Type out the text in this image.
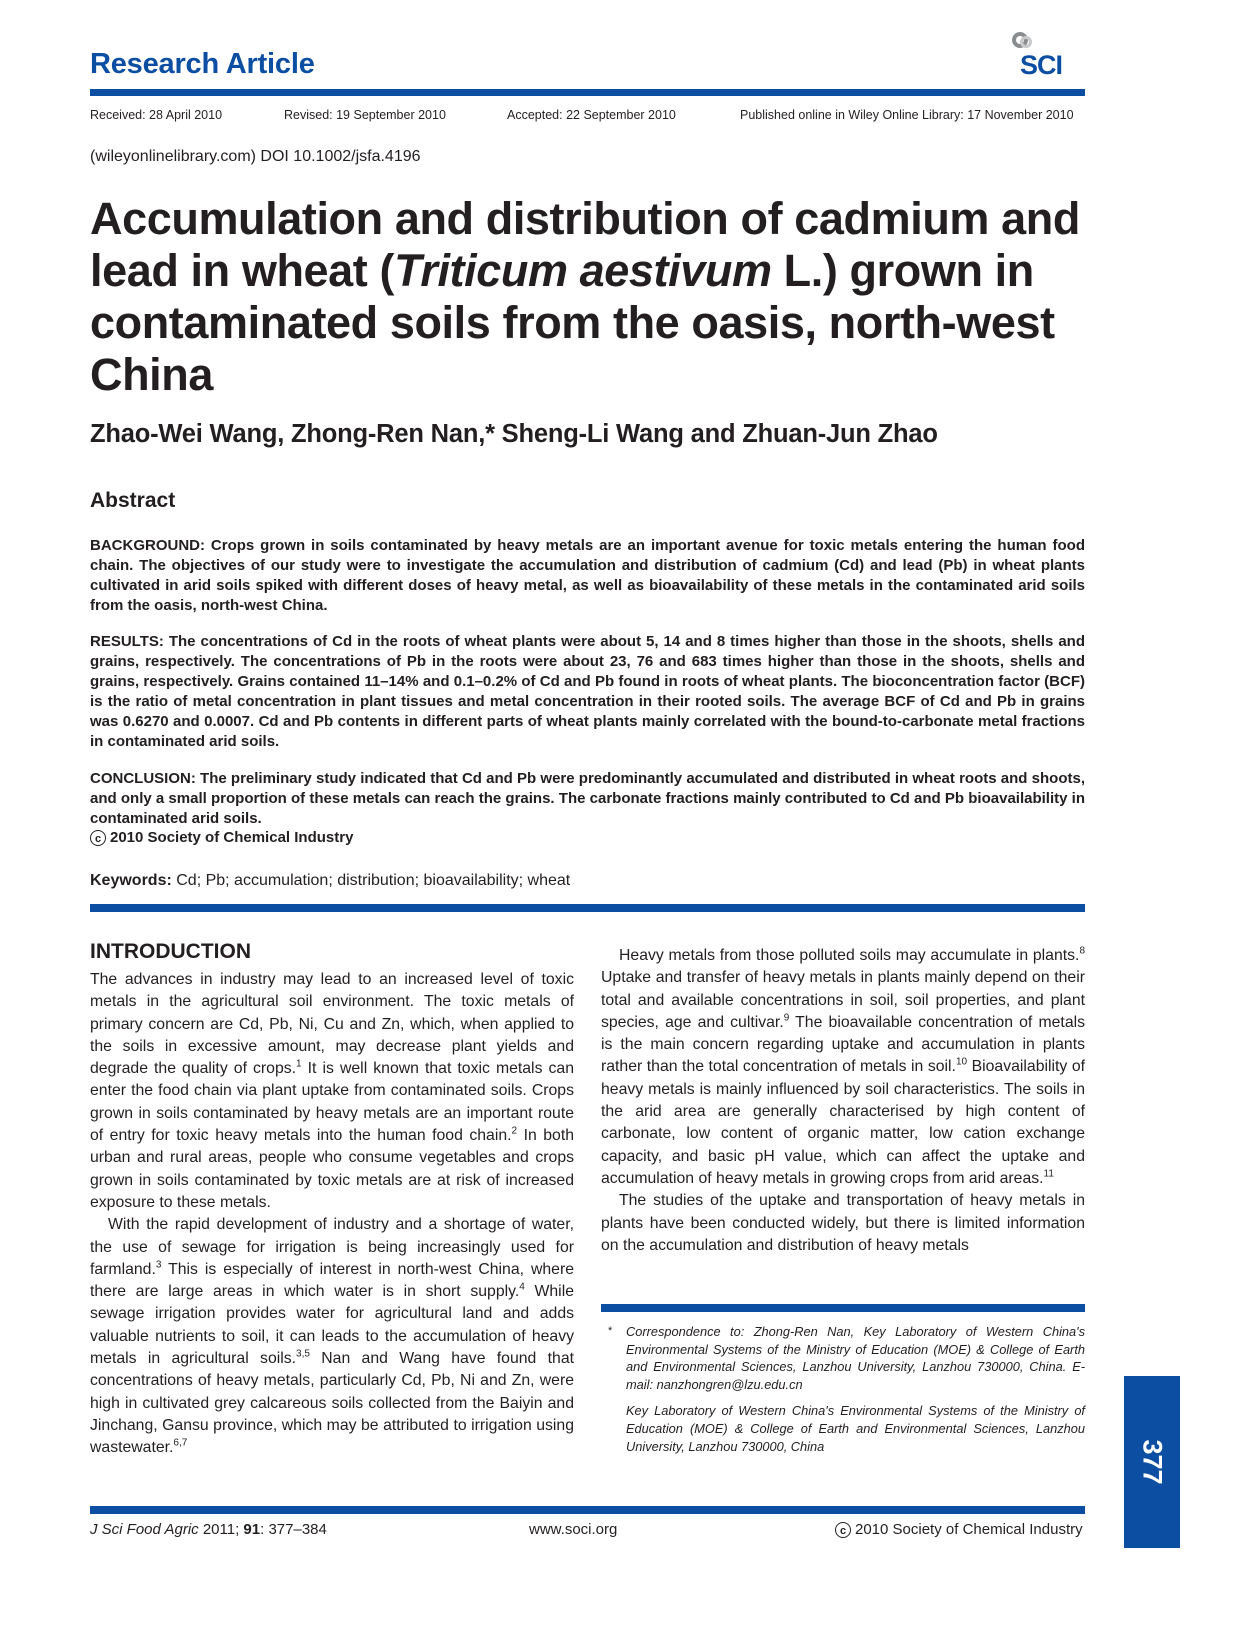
Research Article	SCI
Received: 28 April 2010	Revised: 19 September 2010	Accepted: 22 September 2010	Published online in Wiley Online Library: 17 November 2010
(wileyonlinelibrary.com) DOI 10.1002/jsfa.4196
Accumulation and distribution of cadmium and lead in wheat (Triticum aestivum L.) grown in contaminated soils from the oasis, north-west China
Zhao-Wei Wang, Zhong-Ren Nan,* Sheng-Li Wang and Zhuan-Jun Zhao
Abstract
BACKGROUND: Crops grown in soils contaminated by heavy metals are an important avenue for toxic metals entering the human food chain. The objectives of our study were to investigate the accumulation and distribution of cadmium (Cd) and lead (Pb) in wheat plants cultivated in arid soils spiked with different doses of heavy metal, as well as bioavailability of these metals in the contaminated arid soils from the oasis, north-west China.
RESULTS: The concentrations of Cd in the roots of wheat plants were about 5, 14 and 8 times higher than those in the shoots, shells and grains, respectively. The concentrations of Pb in the roots were about 23, 76 and 683 times higher than those in the shoots, shells and grains, respectively. Grains contained 11–14% and 0.1–0.2% of Cd and Pb found in roots of wheat plants. The bioconcentration factor (BCF) is the ratio of metal concentration in plant tissues and metal concentration in their rooted soils. The average BCF of Cd and Pb in grains was 0.6270 and 0.0007. Cd and Pb contents in different parts of wheat plants mainly correlated with the bound-to-carbonate metal fractions in contaminated arid soils.
CONCLUSION: The preliminary study indicated that Cd and Pb were predominantly accumulated and distributed in wheat roots and shoots, and only a small proportion of these metals can reach the grains. The carbonate fractions mainly contributed to Cd and Pb bioavailability in contaminated arid soils.
c 2010 Society of Chemical Industry
Keywords: Cd; Pb; accumulation; distribution; bioavailability; wheat
INTRODUCTION

The advances in industry may lead to an increased level of toxic metals in the agricultural soil environment. The toxic metals of primary concern are Cd, Pb, Ni, Cu and Zn, which, when applied to the soils in excessive amount, may decrease plant yields and degrade the quality of crops.$^1$ It is well known that toxic metals can enter the food chain via plant uptake from contaminated soils. Crops grown in soils contaminated by heavy metals are an important route of entry for toxic heavy metals into the human food chain.$^2$ In both urban and rural areas, people who consume vegetables and crops grown in soils contaminated by toxic metals are at risk of increased exposure to these metals.

With the rapid development of industry and a shortage of water, the use of sewage for irrigation is being increasingly used for farmland.$^3$ This is especially of interest in north-west China, where there are large areas in which water is in short supply.$^4$ While sewage irrigation provides water for agricultural land and adds valuable nutrients to soil, it can leads to the accumulation of heavy metals in agricultural soils.$^{3,5}$ Nan and Wang have found that concentrations of heavy metals, particularly Cd, Pb, Ni and Zn, were high in cultivated grey calcareous soils collected from the Baiyin and Jinchang, Gansu province, which may be attributed to irrigation using wastewater.$^{6,7}$

Heavy metals from those polluted soils may accumulate in plants.$^8$ Uptake and transfer of heavy metals in plants mainly depend on their total and available concentrations in soil, soil properties, and plant species, age and cultivar.$^9$ The bioavailable concentration of metals is the main concern regarding uptake and accumulation in plants rather than the total concentration of metals in soil.$^{10}$ Bioavailability of heavy metals is mainly influenced by soil characteristics. The soils in the arid area are generally characterised by high content of carbonate, low content of organic matter, low cation exchange capacity, and basic pH value, which can affect the uptake and accumulation of heavy metals in growing crops from arid areas.$^{11}$

The studies of the uptake and transportation of heavy metals in plants have been conducted widely, but there is limited information on the accumulation and distribution of heavy metals

*	Correspondence to: Zhong-Ren Nan, Key Laboratory of Western China's Environmental Systems of the Ministry of Education (MOE) & College of Earth and Environmental Sciences, Lanzhou University, Lanzhou 730000, China. E-mail: nanzhongren@lzu.edu.cn

Key Laboratory of Western China's Environmental Systems of the Ministry of Education (MOE) & College of Earth and Environmental Sciences, Lanzhou University, Lanzhou 730000, China	377
J Sci Food Agric 2011; 91: 377–384	www.soci.org	c 2010 Society of Chemical Industry
